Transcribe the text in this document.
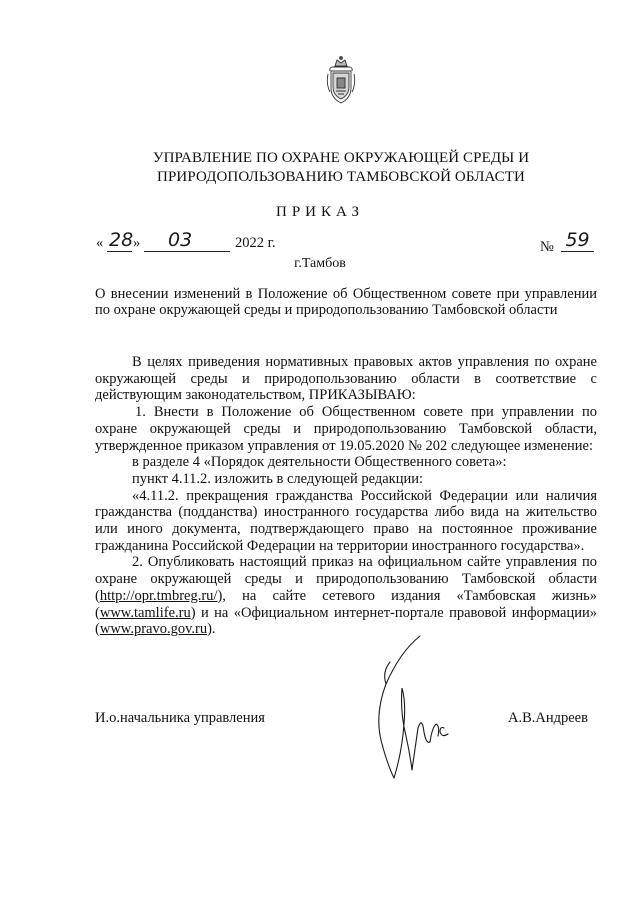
УПРАВЛЕНИЕ ПО ОХРАНЕ ОКРУЖАЮЩЕЙ СРЕДЫ И
ПРИРОДОПОЛЬЗОВАНИЮ ТАМБОВСКОЙ ОБЛАСТИ
ПРИКАЗ
« 28 » 03	2022 г.	№ 59
г.Тамбов
О внесении изменений в Положение об Общественном совете при управлении по охране окружающей среды и природопользованию Тамбовской области

В целях приведения нормативных правовых актов управления по охране окружающей среды и природопользованию области в соответствие с действующим законодательством, ПРИКАЗЫВАЮ:

1. Внести в Положение об Общественном совете при управлении по охране окружающей среды и природопользованию Тамбовской области, утвержденное приказом управления от 19.05.2020 № 202 следующее изменение:

в разделе 4 «Порядок деятельности Общественного совета»:

пункт 4.11.2. изложить в следующей редакции:

«4.11.2. прекращения гражданства Российской Федерации или наличия гражданства (подданства) иностранного государства либо вида на жительство или иного документа, подтверждающего право на постоянное проживание гражданина Российской Федерации на территории иностранного государства».

2. Опубликовать настоящий приказ на официальном сайте управления по охране окружающей среды и природопользованию Тамбовской области (http://opr.tmbreg.ru/), на сайте сетевого издания «Тамбовская жизнь» (www.tamlife.ru) и на «Официальном интернет-портале правовой информации» (www.pravo.gov.ru).

И.о.начальника управления	А.В.Андреев
